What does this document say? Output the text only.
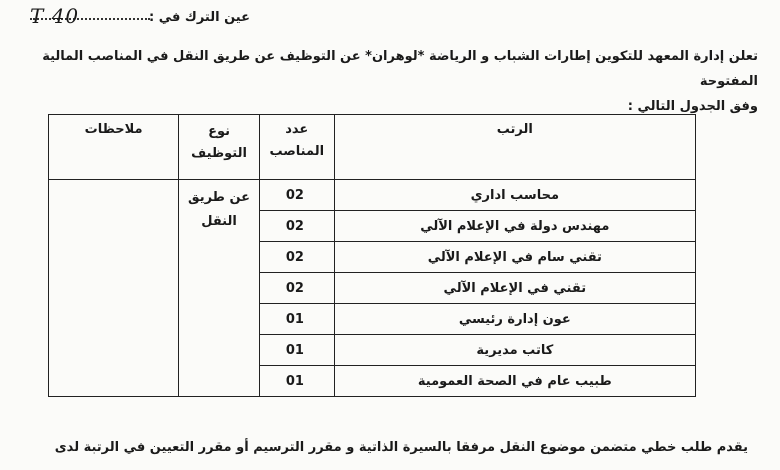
عين الترك في :
40 T
تعلن إدارة المعهد للتكوين إطارات الشباب و الرياضة *لوهران* عن التوظيف عن طريق النقل في المناصب المالية المفتوحة
وفق الجدول التالي :
الرتب	عدد المناصب	نوع التوظيف	ملاحظات
محاسب اداري	02	عن طريق النقل	
مهندس دولة في الإعلام الآلي	02		
تقني سام في الإعلام الآلي	02		
تقني في الإعلام الآلي	02		
عون إدارة رئيسي	01		
كاتب مديرية	01		
طبيب عام في الصحة العمومية	01		
يقدم طلب خطي متضمن موضوع النقل مرفقا بالسيرة الذاتية و مقرر الترسيم أو مقرر التعيين في الرتبة لدى
